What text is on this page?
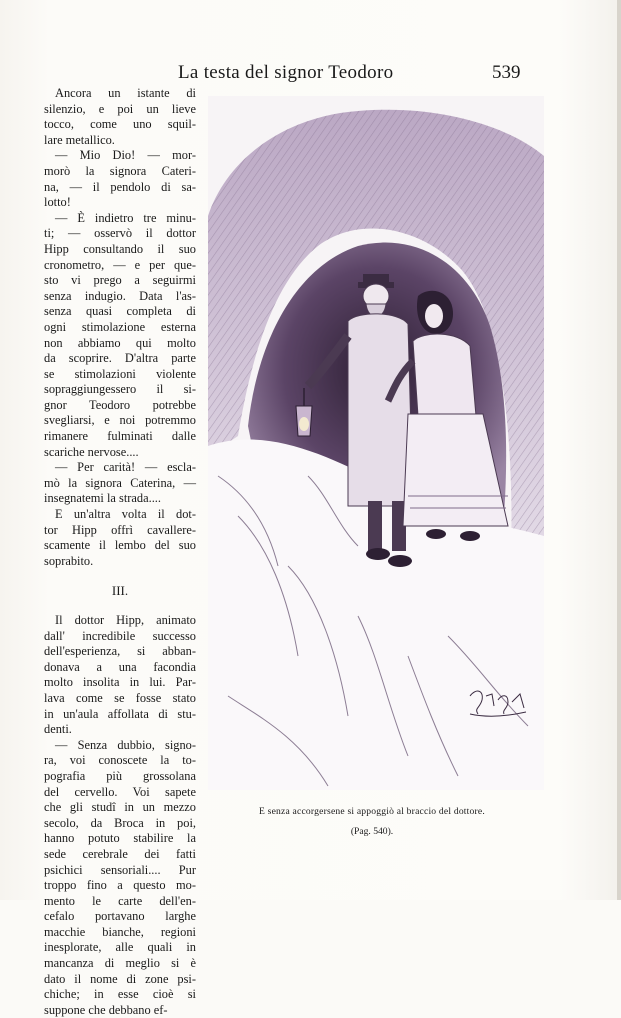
La testa del signor Teodoro	539
Ancora un istante di
silenzio, e poi un lieve
tocco, come uno squil-
lare metallico.
— Mio Dio! — mor-
morò la signora Cateri-
na, — il pendolo di sa-
lotto!
— È indietro tre minu-
ti; — osservò il dottor
Hipp consultando il suo
cronometro, — e per que-
sto vi prego a seguirmi
senza indugio. Data l'as-
senza quasi completa di
ogni stimolazione esterna
non abbiamo qui molto
da scoprire. D'altra parte
se stimolazioni violente
sopraggiungessero il si-
gnor Teodoro potrebbe
svegliarsi, e noi potremmo
rimanere fulminati dalle
scariche nervose....
— Per carità! — escla-
mò la signora Caterina, —
insegnatemi la strada....
E un'altra volta il dot-
tor Hipp offrì cavallere-
scamente il lembo del suo
soprabito.
III.
Il dottor Hipp, animato
dall' incredibile successo
dell'esperienza, si abban-
donava a una facondia
molto insolita in lui. Par-
lava come se fosse stato
in un'aula affollata di stu-
denti.
— Senza dubbio, signo-
ra, voi conoscete la to-
pografia più grossolana
del cervello. Voi sapete
che gli studî in un mezzo
secolo, da Broca in poi,
hanno potuto stabilire la
sede cerebrale dei fatti
psichici sensoriali.... Pur
troppo fino a questo mo-
mento le carte dell'en-
cefalo portavano larghe
macchie bianche, regioni
inesplorate, alle quali in
mancanza di meglio si è
dato il nome di zone psi-
chiche; in esse cioè si
suppone che debbano ef-
E senza accorgersene si appoggiò al braccio del dottore.
(Pag. 540).
